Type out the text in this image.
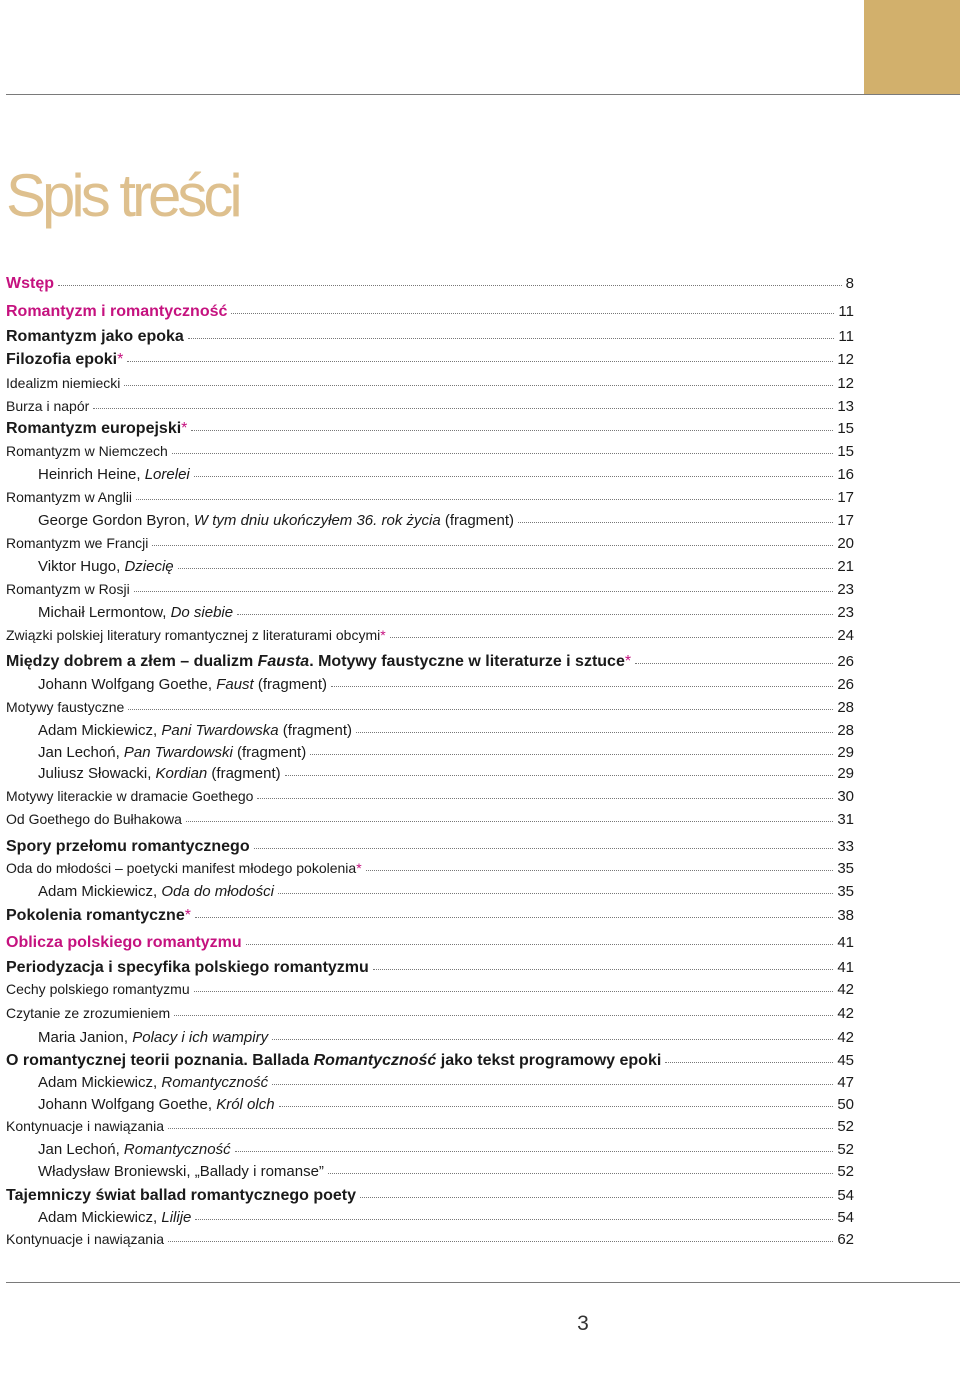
Spis treści
Wstęp	8
Romantyzm i romantyczność	11
Romantyzm jako epoka	11
Filozofia epoki*	12
Idealizm niemiecki	12
Burza i napór	13
Romantyzm europejski*	15
Romantyzm w Niemczech	15
Heinrich Heine, Lorelei	16
Romantyzm w Anglii	17
George Gordon Byron, W tym dniu ukończyłem 36. rok życia (fragment)	17
Romantyzm we Francji	20
Viktor Hugo, Dziecię	21
Romantyzm w Rosji	23
Michaił Lermontow, Do siebie	23
Związki polskiej literatury romantycznej z literaturami obcymi*	24
Między dobrem a złem – dualizm Fausta. Motywy faustyczne w literaturze i sztuce*	26
Johann Wolfgang Goethe, Faust (fragment)	26
Motywy faustyczne	28
Adam Mickiewicz, Pani Twardowska (fragment)	28
Jan Lechoń, Pan Twardowski (fragment)	29
Juliusz Słowacki, Kordian (fragment)	29
Motywy literackie w dramacie Goethego	30
Od Goethego do Bułhakowa	31
Spory przełomu romantycznego	33
Oda do młodości – poetycki manifest młodego pokolenia*	35
Adam Mickiewicz, Oda do młodości	35
Pokolenia romantyczne*	38
Oblicza polskiego romantyzmu	41
Periodyzacja i specyfika polskiego romantyzmu	41
Cechy polskiego romantyzmu	42
Czytanie ze zrozumieniem	42
Maria Janion, Polacy i ich wampiry	42
O romantycznej teorii poznania. Ballada Romantyczność jako tekst programowy epoki	45
Adam Mickiewicz, Romantyczność	47
Johann Wolfgang Goethe, Król olch	50
Kontynuacje i nawiązania	52
Jan Lechoń, Romantyczność	52
Władysław Broniewski, „Ballady i romanse”	52
Tajemniczy świat ballad romantycznego poety	54
Adam Mickiewicz, Lilije	54
Kontynuacje i nawiązania	62
3
